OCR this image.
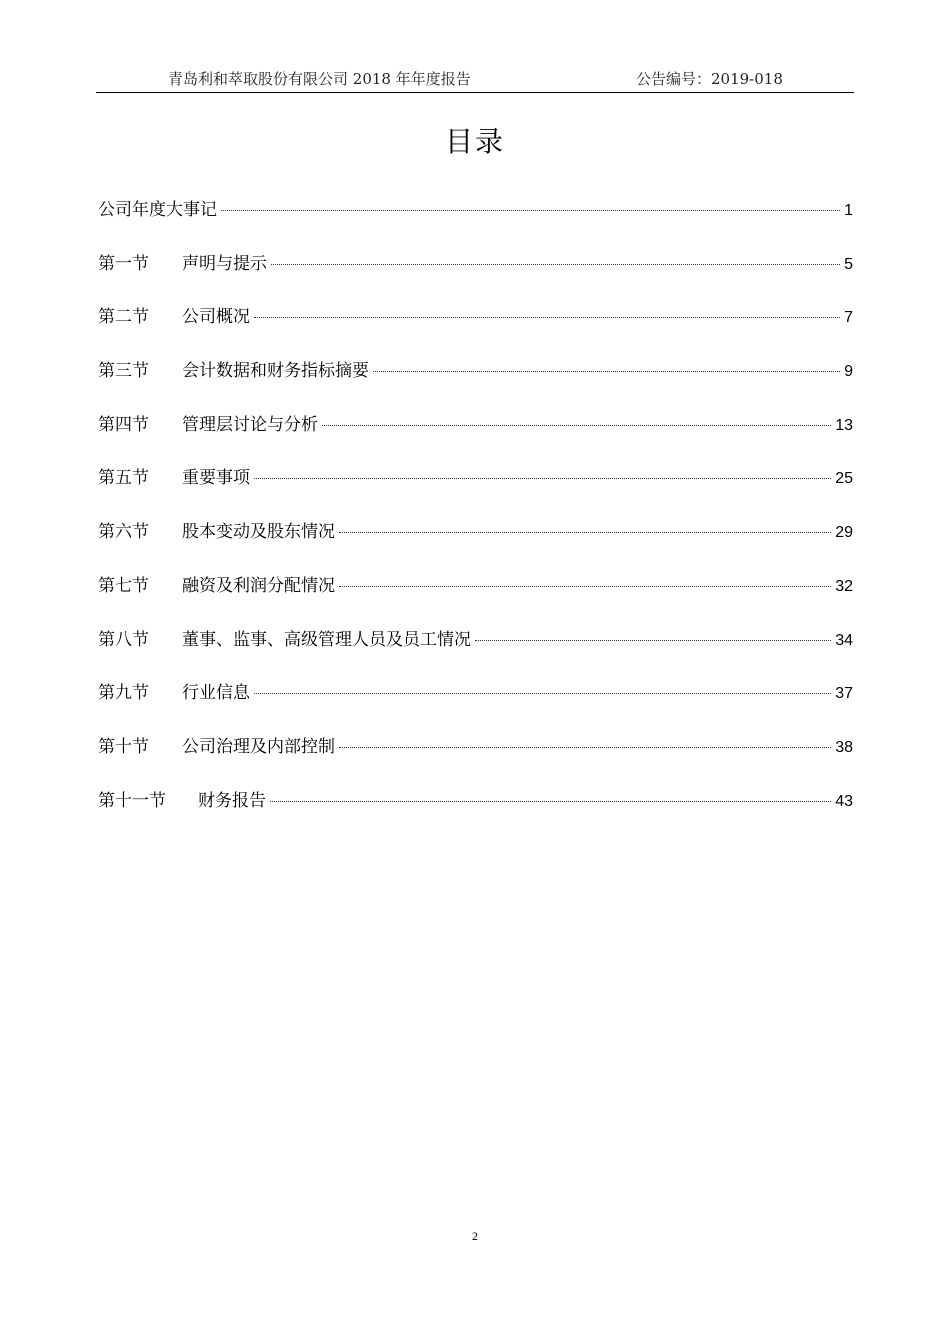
青岛利和萃取股份有限公司 2018 年年度报告	公告编号：2019-018
目录
公司年度大事记	1
第一节	声明与提示	5
第二节	公司概况	7
第三节	会计数据和财务指标摘要	9
第四节	管理层讨论与分析	13
第五节	重要事项	25
第六节	股本变动及股东情况	29
第七节	融资及利润分配情况	32
第八节	董事、监事、高级管理人员及员工情况	34
第九节	行业信息	37
第十节	公司治理及内部控制	38
第十一节	财务报告	43
2
